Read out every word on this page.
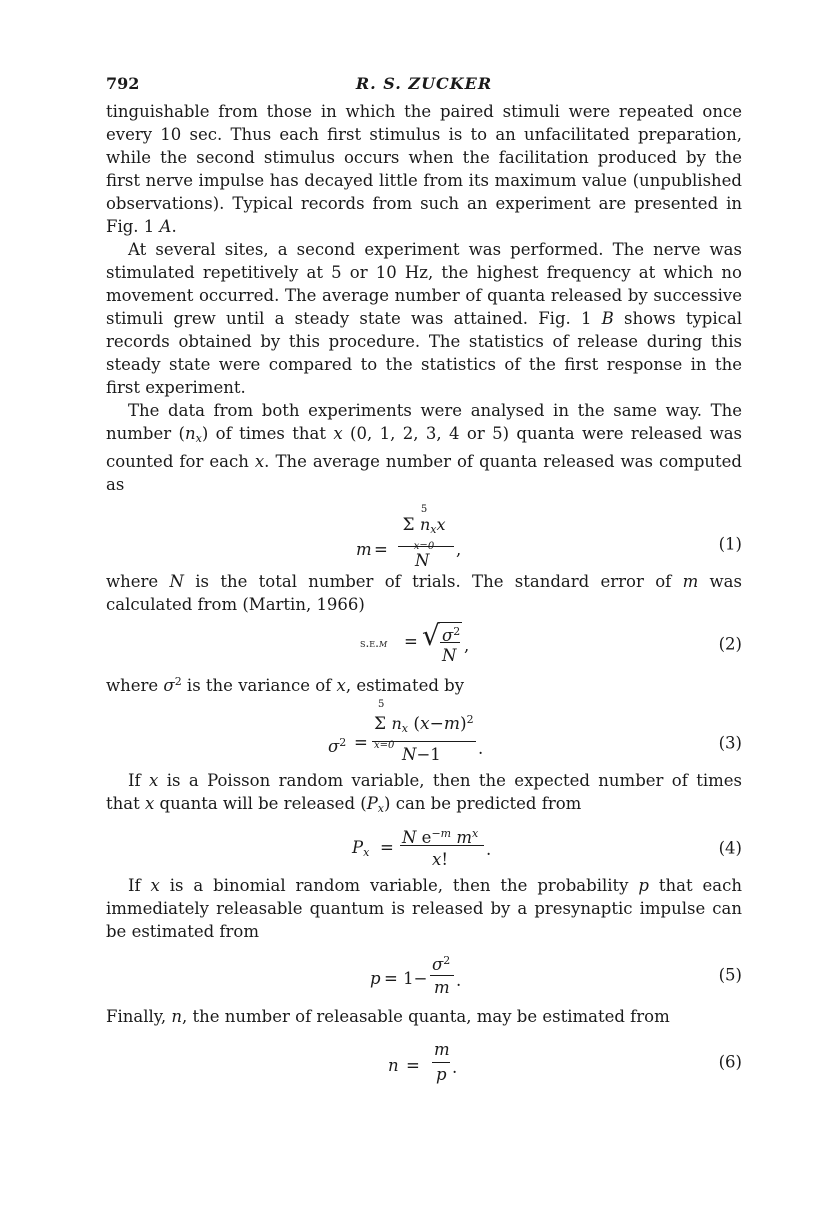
792	R. S. ZUCKER

tinguishable from those in which the paired stimuli were repeated once every 10 sec. Thus each first stimulus is to an unfacilitated preparation, while the second stimulus occurs when the facilitation produced by the first nerve impulse has decayed little from its maximum value (unpublished observations). Typical records from such an experiment are presented in Fig. 1 A.

At several sites, a second experiment was performed. The nerve was stimulated repetitively at 5 or 10 Hz, the highest frequency at which no movement occurred. The average number of quanta released by successive stimuli grew until a steady state was attained. Fig. 1 B shows typical records obtained by this procedure. The statistics of release during this steady state were compared to the statistics of the first response in the first experiment.

The data from both experiments were analysed in the same way. The number $(n_x)$ of times that x (0, 1, 2, 3, 4 or 5) quanta were released was counted for each x. The average number of quanta released was computed as

m =
5
Σ $n_xx$
x=0
N
,	(1)

where N is the total number of trials. The standard error of m was calculated from (Martin, 1966)

s.e.m = √ $\sigma^2$
N
,	(2)

where $\sigma^2$ is the variance of x, estimated by

$\sigma^2$ =
5
Σ $n_x$ $(x-m)^2$
x=0 N−1 .	(3)

If x is a Poisson random variable, then the expected number of times that x quanta will be released $(P_x)$ can be predicted from

$P_x$ =
N $e^{-m}$ $m^x$
x!
.	(4)

If x is a binomial random variable, then the probability p that each immediately releasable quantum is released by a presynaptic impulse can be estimated from

p = 1−
$\sigma^2$
m .	(5)

Finally, n, the number of releasable quanta, may be estimated from

n =
m
p .	(6)
